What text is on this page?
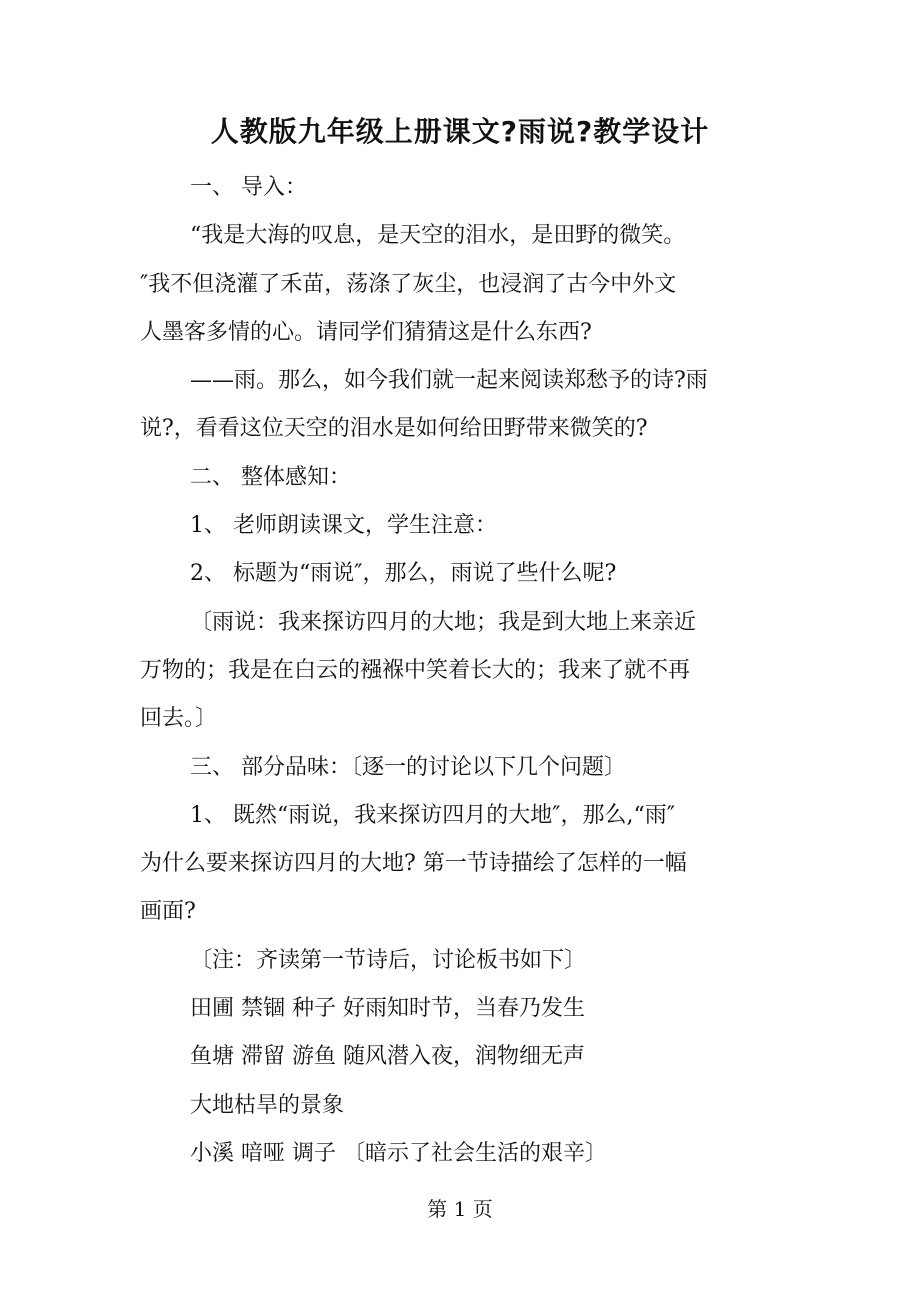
人教版九年级上册课文?雨说?教学设计
一、 导入：
“我是大海的叹息，是天空的泪水，是田野的微笑。
″我不但浇灌了禾苗，荡涤了灰尘，也浸润了古今中外文
人墨客多情的心。请同学们猜猜这是什么东西?
——雨。那么，如今我们就一起来阅读郑愁予的诗?雨
说?，看看这位天空的泪水是如何给田野带来微笑的?
二、 整体感知：
1、 老师朗读课文，学生注意：
2、 标题为“雨说″，那么，雨说了些什么呢?
〔雨说：我来探访四月的大地；我是到大地上来亲近
万物的；我是在白云的襁褓中笑着长大的；我来了就不再
回去。〕
三、 部分品味：〔逐一的讨论以下几个问题〕
1、 既然“雨说，我来探访四月的大地″，那么,“雨″
为什么要来探访四月的大地? 第一节诗描绘了怎样的一幅
画面?
〔注：齐读第一节诗后，讨论板书如下〕
田圃 禁锢 种子 好雨知时节，当春乃发生
鱼塘 滞留 游鱼 随风潜入夜，润物细无声
大地枯旱的景象
小溪 喑哑 调子 〔暗示了社会生活的艰辛〕
第 1 页
